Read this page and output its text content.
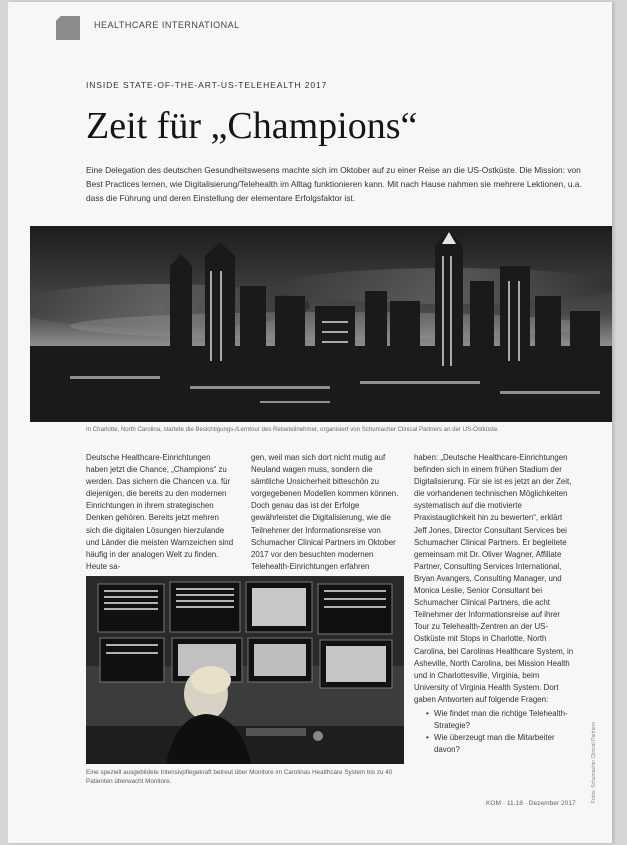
HEALTHCARE INTERNATIONAL
INSIDE STATE-OF-THE-ART-US-TELEHEALTH 2017
Zeit für „Champions“
Eine Delegation des deutschen Gesundheitswesens machte sich im Oktober auf zu einer Reise an die US-Ostküste. Die Mission: von Best Practices lernen, wie Digitalisierung/Telehealth im Alltag funktionieren kann. Mit nach Hause nahmen sie mehrere Lektionen, u.a. dass die Führung und deren Einstellung der elementare Erfolgsfaktor ist.
In Charlotte, North Carolina, startete die Besichtigungs-/Lerntour des Reiseteilnehmer, organisiert von Schumacher Clinical Partners an der US-Ostküste.

Deutsche Healthcare-Einrichtungen haben jetzt die Chance, „Champions“ zu werden. Das sichern die Chancen v.a. für diejenigen, die bereits zu den modernen Einrichtungen in ihrem strategischen Denken gehören. Bereits jetzt mehren sich die digitalen Lösungen hierzulande und Länder die meisten Warnzeichen sind häufig in der analogen Welt zu finden. Heute sa-

gen, weil man sich dort nicht mutig auf Neuland wagen muss, sondern die sämtliche Unsicherheit bitteschön zu vorgegebenen Modellen kommen können. Doch genau das ist der Erfolge gewährleistet die Digitalisierung, wie die Teilnehmer der Informationsreise von Schumacher Clinical Partners im Oktober 2017 vor den besuchten modernen Telehealth-Einrichtungen erfahren

haben: „Deutsche Healthcare-Einrichtungen befinden sich in einem frühen Stadium der Digitalisierung. Für sie ist es jetzt an der Zeit, die vorhandenen technischen Möglichkeiten systematisch auf die motivierte Praxistauglichkeit hin zu bewerten“, erklärt Jeff Jones, Director Consultant Services bei Schumacher Clinical Partners. Er begleitete gemeinsam mit Dr. Oliver Wagner, Affiliate Partner, Consulting Services International, Bryan Avangers, Consulting Manager, und Monica Leslie, Senior Consultant bei Schumacher Clinical Partners, die acht Teilnehmer der Informationsreise auf ihrer Tour zu Telehealth-Zentren an der US-Ostküste mit Stops in Charlotte, North Carolina, bei Carolinas Healthcare System, in Asheville, North Carolina, bei Mission Health und in Charlottesville, Virginia, beim University of Virginia Health System. Dort gaben Antworten auf folgende Fragen:

• Wie findet man die richtige Telehealth-Strategie?
• Wie überzeugt man die Mitarbeiter davon?
Eine speziell ausgebildete Intensivpflegekraft betreut über Monitore im Carolinas Healthcare System bis zu 40 Patienten überwacht Monitore.
KOM · 11.18 · Dezember 2017
Fotos: Schumacher Clinical Partners
